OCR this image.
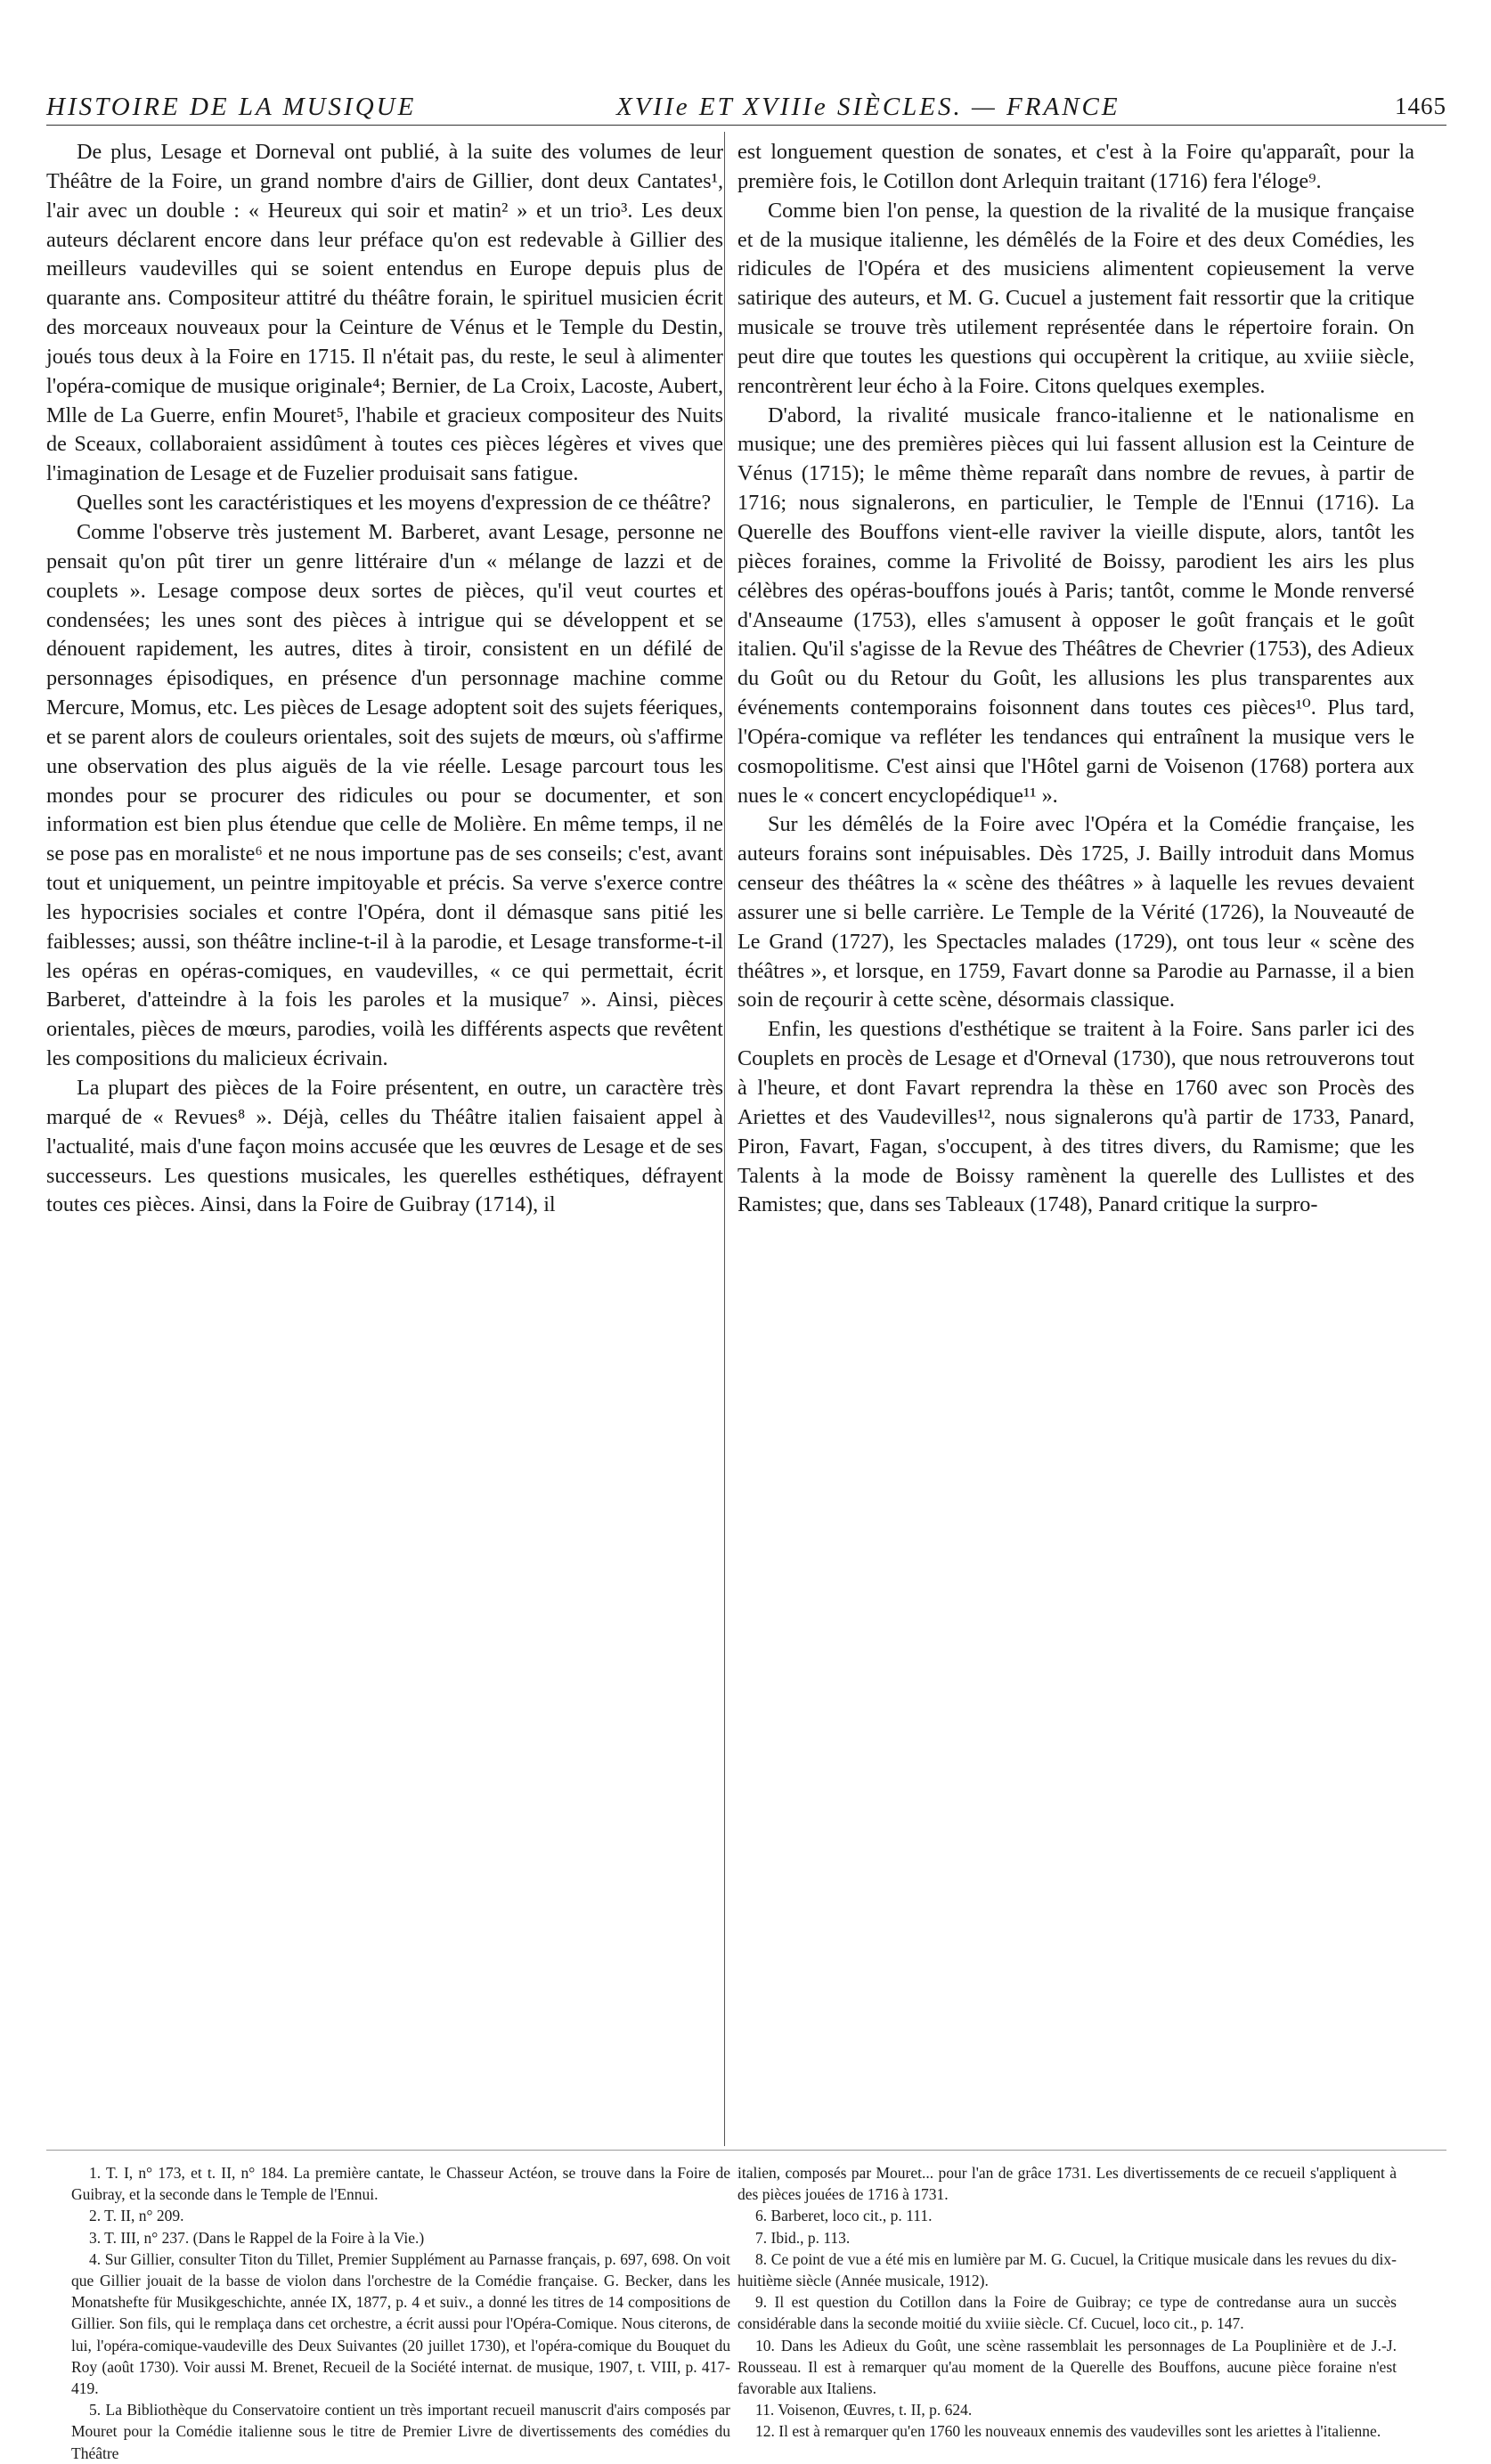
HISTOIRE DE LA MUSIQUE	XVIIe ET XVIIIe SIÈCLES. — FRANCE	1465

De plus, Lesage et Dorneval ont publié, à la suite des volumes de leur Théâtre de la Foire, un grand nombre d'airs de Gillier, dont deux Cantates¹, l'air avec un double : « Heureux qui soir et matin² » et un trio³. Les deux auteurs déclarent encore dans leur préface qu'on est redevable à Gillier des meilleurs vaudevilles qui se soient entendus en Europe depuis plus de quarante ans. Compositeur attitré du théâtre forain, le spirituel musicien écrit des morceaux nouveaux pour la Ceinture de Vénus et le Temple du Destin, joués tous deux à la Foire en 1715. Il n'était pas, du reste, le seul à alimenter l'opéra-comique de musique originale⁴; Bernier, de La Croix, Lacoste, Aubert, Mlle de La Guerre, enfin Mouret⁵, l'habile et gracieux compositeur des Nuits de Sceaux, collaboraient assidûment à toutes ces pièces légères et vives que l'imagination de Lesage et de Fuzelier produisait sans fatigue.

Quelles sont les caractéristiques et les moyens d'expression de ce théâtre?

Comme l'observe très justement M. Barberet, avant Lesage, personne ne pensait qu'on pût tirer un genre littéraire d'un « mélange de lazzi et de couplets ». Lesage compose deux sortes de pièces, qu'il veut courtes et condensées; les unes sont des pièces à intrigue qui se développent et se dénouent rapidement, les autres, dites à tiroir, consistent en un défilé de personnages épisodiques, en présence d'un personnage machine comme Mercure, Momus, etc. Les pièces de Lesage adoptent soit des sujets féeriques, et se parent alors de couleurs orientales, soit des sujets de mœurs, où s'affirme une observation des plus aiguës de la vie réelle. Lesage parcourt tous les mondes pour se procurer des ridicules ou pour se documenter, et son information est bien plus étendue que celle de Molière. En même temps, il ne se pose pas en moraliste⁶ et ne nous importune pas de ses conseils; c'est, avant tout et uniquement, un peintre impitoyable et précis. Sa verve s'exerce contre les hypocrisies sociales et contre l'Opéra, dont il démasque sans pitié les faiblesses; aussi, son théâtre incline-t-il à la parodie, et Lesage transforme-t-il les opéras en opéras-comiques, en vaudevilles, « ce qui permettait, écrit Barberet, d'atteindre à la fois les paroles et la musique⁷ ». Ainsi, pièces orientales, pièces de mœurs, parodies, voilà les différents aspects que revêtent les compositions du malicieux écrivain.

La plupart des pièces de la Foire présentent, en outre, un caractère très marqué de « Revues⁸ ». Déjà, celles du Théâtre italien faisaient appel à l'actualité, mais d'une façon moins accusée que les œuvres de Lesage et de ses successeurs. Les questions musicales, les querelles esthétiques, défrayent toutes ces pièces. Ainsi, dans la Foire de Guibray (1714), il

est longuement question de sonates, et c'est à la Foire qu'apparaît, pour la première fois, le Cotillon dont Arlequin traitant (1716) fera l'éloge⁹.

Comme bien l'on pense, la question de la rivalité de la musique française et de la musique italienne, les démêlés de la Foire et des deux Comédies, les ridicules de l'Opéra et des musiciens alimentent copieusement la verve satirique des auteurs, et M. G. Cucuel a justement fait ressortir que la critique musicale se trouve très utilement représentée dans le répertoire forain. On peut dire que toutes les questions qui occupèrent la critique, au xviiie siècle, rencontrèrent leur écho à la Foire. Citons quelques exemples.

D'abord, la rivalité musicale franco-italienne et le nationalisme en musique; une des premières pièces qui lui fassent allusion est la Ceinture de Vénus (1715); le même thème reparaît dans nombre de revues, à partir de 1716; nous signalerons, en particulier, le Temple de l'Ennui (1716). La Querelle des Bouffons vient-elle raviver la vieille dispute, alors, tantôt les pièces foraines, comme la Frivolité de Boissy, parodient les airs les plus célèbres des opéras-bouffons joués à Paris; tantôt, comme le Monde renversé d'Anseaume (1753), elles s'amusent à opposer le goût français et le goût italien. Qu'il s'agisse de la Revue des Théâtres de Chevrier (1753), des Adieux du Goût ou du Retour du Goût, les allusions les plus transparentes aux événements contemporains foisonnent dans toutes ces pièces¹⁰. Plus tard, l'Opéra-comique va refléter les tendances qui entraînent la musique vers le cosmopolitisme. C'est ainsi que l'Hôtel garni de Voisenon (1768) portera aux nues le « concert encyclopédique¹¹ ».

Sur les démêlés de la Foire avec l'Opéra et la Comédie française, les auteurs forains sont inépuisables. Dès 1725, J. Bailly introduit dans Momus censeur des théâtres la « scène des théâtres » à laquelle les revues devaient assurer une si belle carrière. Le Temple de la Vérité (1726), la Nouveauté de Le Grand (1727), les Spectacles malades (1729), ont tous leur « scène des théâtres », et lorsque, en 1759, Favart donne sa Parodie au Parnasse, il a bien soin de reçourir à cette scène, désormais classique.

Enfin, les questions d'esthétique se traitent à la Foire. Sans parler ici des Couplets en procès de Lesage et d'Orneval (1730), que nous retrouverons tout à l'heure, et dont Favart reprendra la thèse en 1760 avec son Procès des Ariettes et des Vaudevilles¹², nous signalerons qu'à partir de 1733, Panard, Piron, Favart, Fagan, s'occupent, à des titres divers, du Ramisme; que les Talents à la mode de Boissy ramènent la querelle des Lullistes et des Ramistes; que, dans ses Tableaux (1748), Panard critique la surpro-

1. T. I, n° 173, et t. II, n° 184. La première cantate, le Chasseur Actéon, se trouve dans la Foire de Guibray, et la seconde dans le Temple de l'Ennui.

2. T. II, n° 209.

3. T. III, n° 237. (Dans le Rappel de la Foire à la Vie.)

4. Sur Gillier, consulter Titon du Tillet, Premier Supplément au Parnasse français, p. 697, 698. On voit que Gillier jouait de la basse de violon dans l'orchestre de la Comédie française. G. Becker, dans les Monatshefte für Musikgeschichte, année IX, 1877, p. 4 et suiv., a donné les titres de 14 compositions de Gillier. Son fils, qui le remplaça dans cet orchestre, a écrit aussi pour l'Opéra-Comique. Nous citerons, de lui, l'opéra-comique-vaudeville des Deux Suivantes (20 juillet 1730), et l'opéra-comique du Bouquet du Roy (août 1730). Voir aussi M. Brenet, Recueil de la Société internat. de musique, 1907, t. VIII, p. 417-419.

5. La Bibliothèque du Conservatoire contient un très important recueil manuscrit d'airs composés par Mouret pour la Comédie italienne sous le titre de Premier Livre de divertissements des comédies du Théâtre

italien, composés par Mouret... pour l'an de grâce 1731. Les divertissements de ce recueil s'appliquent à des pièces jouées de 1716 à 1731.

6. Barberet, loco cit., p. 111.

7. Ibid., p. 113.

8. Ce point de vue a été mis en lumière par M. G. Cucuel, la Critique musicale dans les revues du dix-huitième siècle (Année musicale, 1912).

9. Il est question du Cotillon dans la Foire de Guibray; ce type de contredanse aura un succès considérable dans la seconde moitié du xviiie siècle. Cf. Cucuel, loco cit., p. 147.

10. Dans les Adieux du Goût, une scène rassemblait les personnages de La Pouplinière et de J.-J. Rousseau. Il est à remarquer qu'au moment de la Querelle des Bouffons, aucune pièce foraine n'est favorable aux Italiens.

11. Voisenon, Œuvres, t. II, p. 624.

12. Il est à remarquer qu'en 1760 les nouveaux ennemis des vaudevilles sont les ariettes à l'italienne.
